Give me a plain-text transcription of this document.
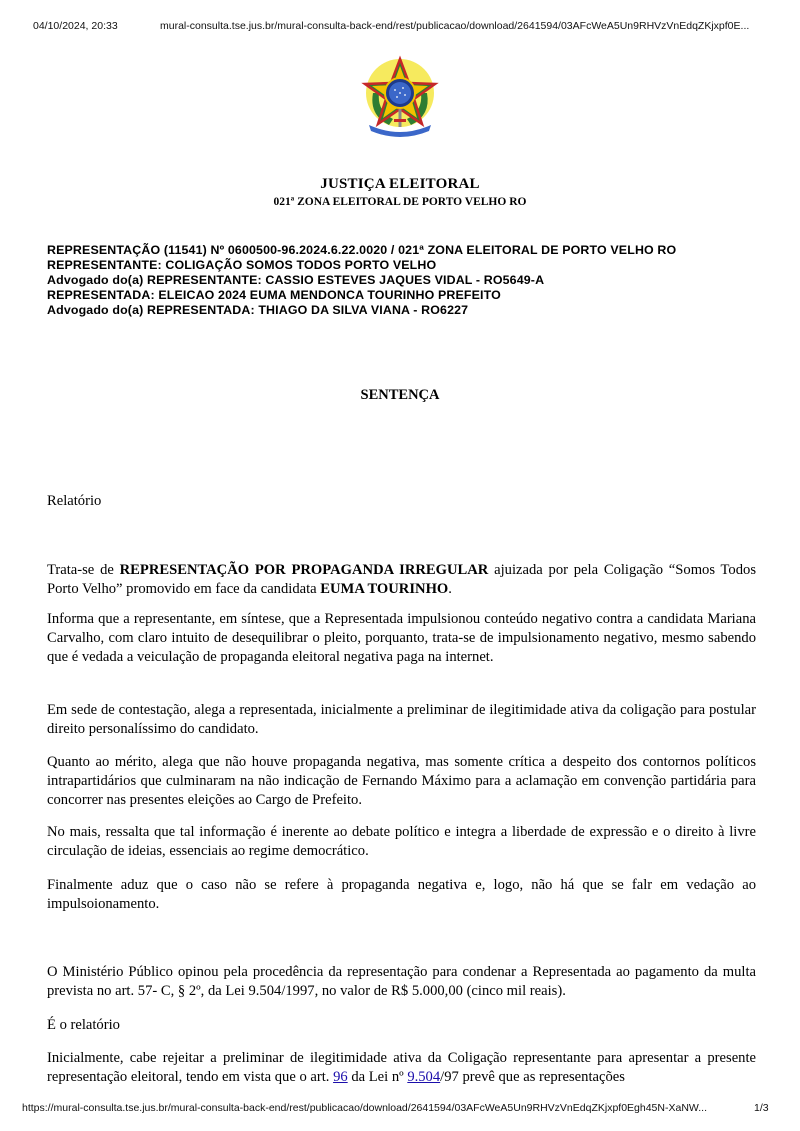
04/10/2024, 20:33	mural-consulta.tse.jus.br/mural-consulta-back-end/rest/publicacao/download/2641594/03AFcWeA5Un9RHVzVnEdqZKjxpf0E...
JUSTIÇA ELEITORAL
021ª ZONA ELEITORAL DE PORTO VELHO RO
REPRESENTAÇÃO (11541) Nº 0600500-96.2024.6.22.0020 / 021ª ZONA ELEITORAL DE PORTO VELHO RO
REPRESENTANTE: COLIGAÇÃO SOMOS TODOS PORTO VELHO
Advogado do(a) REPRESENTANTE: CASSIO ESTEVES JAQUES VIDAL - RO5649-A
REPRESENTADA: ELEICAO 2024 EUMA MENDONCA TOURINHO PREFEITO
Advogado do(a) REPRESENTADA: THIAGO DA SILVA VIANA - RO6227
SENTENÇA

Relatório

Trata-se de REPRESENTAÇÃO POR PROPAGANDA IRREGULAR ajuizada por pela Coligação “Somos Todos Porto Velho” promovido em face da candidata EUMA TOURINHO.

Informa que a representante, em síntese, que a Representada impulsionou conteúdo negativo contra a candidata Mariana Carvalho, com claro intuito de desequilibrar o pleito, porquanto, trata-se de impulsionamento negativo, mesmo sabendo que é vedada a veiculação de propaganda eleitoral negativa paga na internet.

Em sede de contestação, alega a representada, inicialmente a preliminar de ilegitimidade ativa da coligação para postular direito personalíssimo do candidato.

Quanto ao mérito, alega que não houve propaganda negativa, mas somente crítica a despeito dos contornos políticos intrapartidários que culminaram na não indicação de Fernando Máximo para a aclamação em convenção partidária para concorrer nas presentes eleições ao Cargo de Prefeito.

No mais, ressalta que tal informação é inerente ao debate político e integra a liberdade de expressão e o direito à livre circulação de ideias, essenciais ao regime democrático.

Finalmente aduz que o caso não se refere à propaganda negativa e, logo, não há que se falr em vedação ao impulsoionamento.

O Ministério Público opinou pela procedência da representação para condenar a Representada ao pagamento da multa prevista no art. 57- C, § 2º, da Lei 9.504/1997, no valor de R$ 5.000,00 (cinco mil reais).

É o relatório

Inicialmente, cabe rejeitar a preliminar de ilegitimidade ativa da Coligação representante para apresentar a presente representação eleitoral, tendo em vista que o art. 96 da Lei nº 9.504/97 prevê que as representações

https://mural-consulta.tse.jus.br/mural-consulta-back-end/rest/publicacao/download/2641594/03AFcWeA5Un9RHVzVnEdqZKjxpf0Egh45N-XaNW...	1/3
